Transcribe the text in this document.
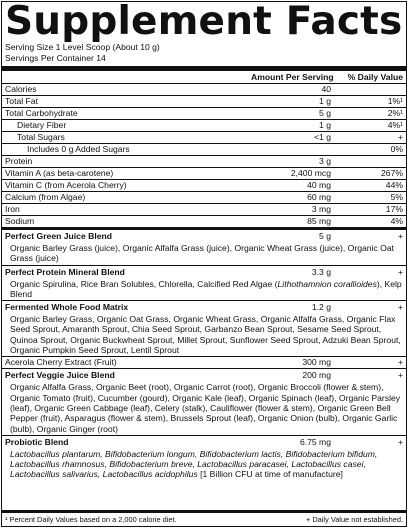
Supplement Facts
Serving Size 1 Level Scoop (About 10 g)
Servings Per Container 14
Amount Per Serving	% Daily Value
Calories	40
Total Fat	1 g	1%¹
Total Carbohydrate	5 g	2%¹
Dietary Fiber	1 g	4%¹
Total Sugars	<1 g	+
Includes 0 g Added Sugars	0%
Protein	3 g
Vitamin A (as beta-carotene)	2,400 mcg	267%
Vitamin C (from Acerola Cherry)	40 mg	44%
Calcium (from Algae)	60 mg	5%
Iron	3 mg	17%
Sodium	85 mg	4%
Perfect Green Juice Blend	5 g	+
Organic Barley Grass (juice), Organic Alfalfa Grass (juice), Organic Wheat Grass (juice), Organic Oat Grass (juice)
Perfect Protein Mineral Blend	3.3 g	+
Organic Spirulina, Rice Bran Solubles, Chlorella, Calcified Red Algae (Lithothamnion corallioides), Kelp Blend
Fermented Whole Food Matrix	1.2 g	+
Organic Barley Grass, Organic Oat Grass, Organic Wheat Grass, Organic Alfalfa Grass, Organic Flax Seed Sprout, Amaranth Sprout, Chia Seed Sprout, Garbanzo Bean Sprout, Sesame Seed Sprout, Quinoa Sprout, Organic Buckwheat Sprout, Millet Sprout, Sunflower Seed Sprout, Adzuki Bean Sprout, Organic Pumpkin Seed Sprout, Lentil Sprout
Acerola Cherry Extract (Fruit)	300 mg	+
Perfect Veggie Juice Blend	200 mg	+
Organic Alfalfa Grass, Organic Beet (root), Organic Carrot (root), Organic Broccoli (flower & stem), Organic Tomato (fruit), Cucumber (gourd), Organic Kale (leaf), Organic Spinach (leaf), Organic Parsley (leaf), Organic Green Cabbage (leaf), Celery (stalk), Cauliflower (flower & stem), Organic Green Bell Pepper (fruit), Asparagus (flower & stem), Brussels Sprout (leaf), Organic Onion (bulb), Organic Garlic (bulb), Organic Ginger (root)
Probiotic Blend	6.75 mg	+
Lactobacillus plantarum, Bifidobacterium longum, Bifidobacterium lactis, Bifidobacterium bifidum, Lactobacillus rhamnosus, Bifidobacterium breve, Lactobacillus paracasei, Lactobacillus casei, Lactobacillus salivarius, Lactobacillus acidophilus [1 Billion CFU at time of manufacture]
¹ Percent Daily Values based on a 2,000 calorie diet.	+ Daily Value not established.
